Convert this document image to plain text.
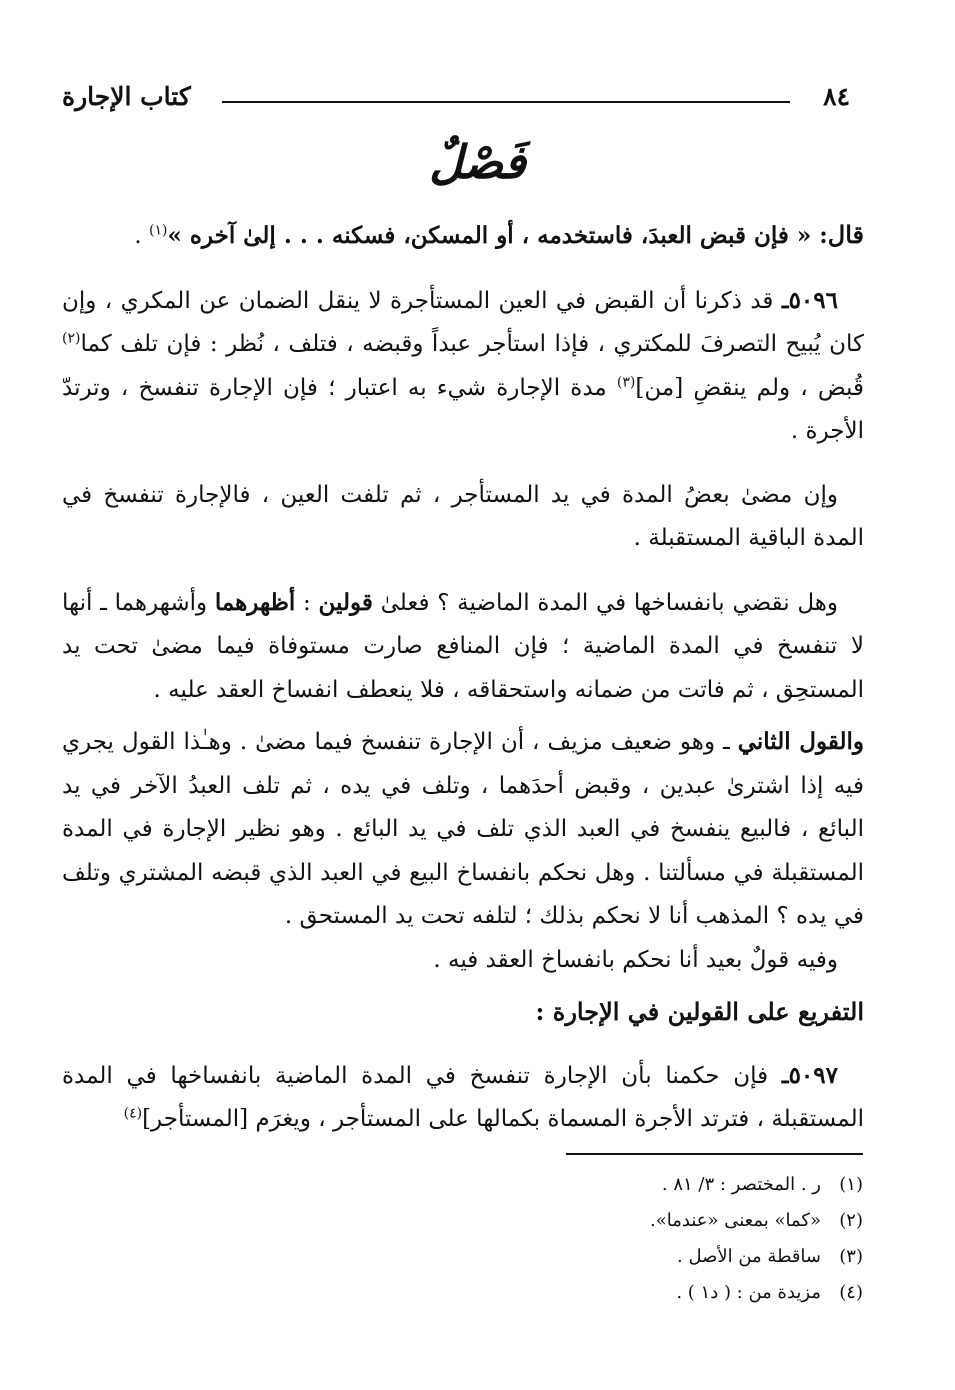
٨٤
كتاب الإجارة
فَصْلٌ

قال: « فإن قبض العبدَ، فاستخدمه ، أو المسكن، فسكنه . . . إلىٰ آخره »$^{(١)}$ .

٥٠٩٦ـ قد ذكرنا أن القبض في العين المستأجرة لا ينقل الضمان عن المكري ، وإن كان يُبيح التصرفَ للمكتري ، فإذا استأجر عبداً وقبضه ، فتلف ، نُظر : فإن تلف كما$^{(٢)}$ قُبض ، ولم ينقضِ [من]$^{(٣)}$ مدة الإجارة شيء به اعتبار ؛ فإن الإجارة تنفسخ ، وترتدّ الأجرة .

وإن مضىٰ بعضُ المدة في يد المستأجر ، ثم تلفت العين ، فالإجارة تنفسخ في المدة الباقية المستقبلة .

وهل نقضي بانفساخها في المدة الماضية ؟ فعلىٰ قولين : أظهرهما وأشهرهما ـ أنها لا تنفسخ في المدة الماضية ؛ فإن المنافع صارت مستوفاة فيما مضىٰ تحت يد المستحِق ، ثم فاتت من ضمانه واستحقاقه ، فلا ينعطف انفساخ العقد عليه .

والقول الثاني ـ وهو ضعيف مزيف ، أن الإجارة تنفسخ فيما مضىٰ . وهـٰذا القول يجري فيه إذا اشترىٰ عبدين ، وقبض أحدَهما ، وتلف في يده ، ثم تلف العبدُ الآخر في يد البائع ، فالبيع ينفسخ في العبد الذي تلف في يد البائع . وهو نظير الإجارة في المدة المستقبلة في مسألتنا . وهل نحكم بانفساخ البيع في العبد الذي قبضه المشتري وتلف في يده ؟ المذهب أنا لا نحكم بذلك ؛ لتلفه تحت يد المستحق .

وفيه قولٌ بعيد أنا نحكم بانفساخ العقد فيه .

التفريع على القولين في الإجارة :

٥٠٩٧ـ فإن حكمنا بأن الإجارة تنفسخ في المدة الماضية بانفساخها في المدة المستقبلة ، فترتد الأجرة المسماة بكمالها على المستأجر ، ويغرَم [المستأجر]$^{(٤)}$

(١)ر . المختصر : ٣/ ٨١ .
(٢)«كما» بمعنى «عندما».
(٣)ساقطة من الأصل .
(٤)مزيدة من : ( د١ ) .
